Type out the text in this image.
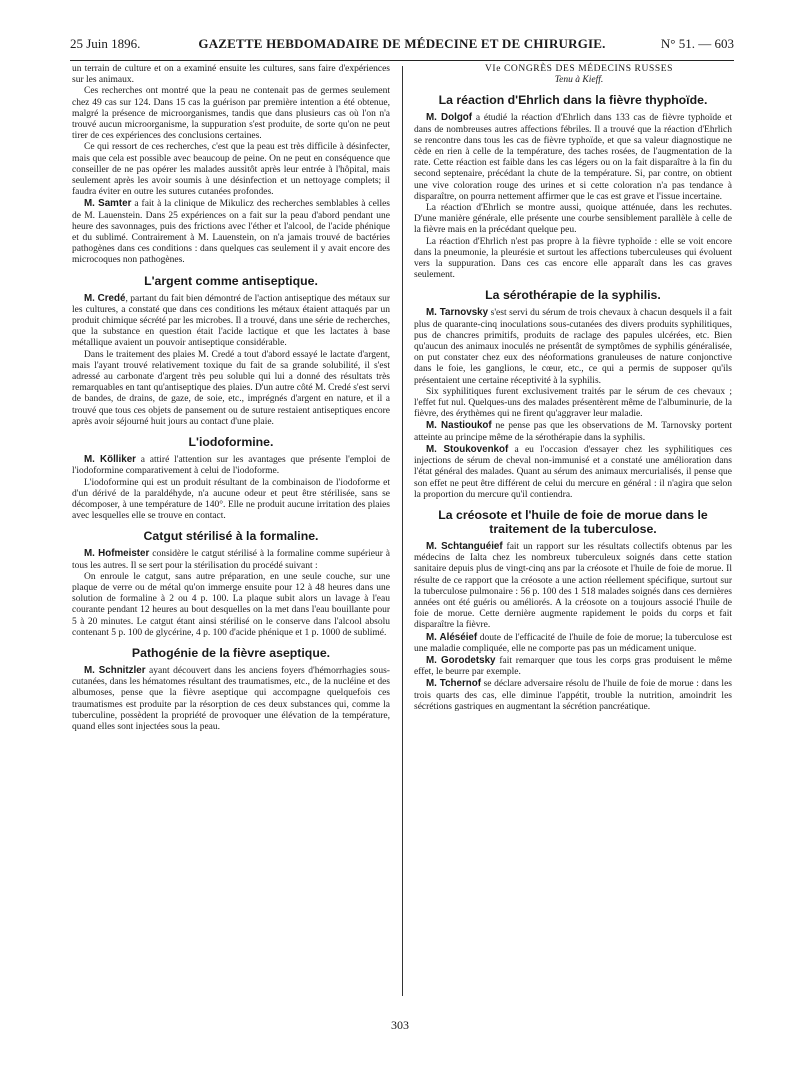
25 Juin 1896.	GAZETTE HEBDOMADAIRE DE MÉDECINE ET DE CHIRURGIE.	N° 51. — 603

un terrain de culture et on a examiné ensuite les cultures, sans faire d'expériences sur les animaux.

Ces recherches ont montré que la peau ne contenait pas de germes seulement chez 49 cas sur 124. Dans 15 cas la guérison par première intention a été obtenue, malgré la présence de microorganismes, tandis que dans plusieurs cas où l'on n'a trouvé aucun microorganisme, la suppuration s'est produite, de sorte qu'on ne peut tirer de ces expériences des conclusions certaines.

Ce qui ressort de ces recherches, c'est que la peau est très difficile à désinfecter, mais que cela est possible avec beaucoup de peine. On ne peut en conséquence que conseiller de ne pas opérer les malades aussitôt après leur entrée à l'hôpital, mais seulement après les avoir soumis à une désinfection et un nettoyage complets; il faudra éviter en outre les sutures cutanées profondes.

M. Samter a fait à la clinique de Mikulicz des recherches semblables à celles de M. Lauenstein. Dans 25 expériences on a fait sur la peau d'abord pendant une heure des savonnages, puis des frictions avec l'éther et l'alcool, de l'acide phénique et du sublimé. Contrairement à M. Lauenstein, on n'a jamais trouvé de bactéries pathogènes dans ces conditions : dans quelques cas seulement il y avait encore des microcoques non pathogènes.

L'argent comme antiseptique.

M. Credé, partant du fait bien démontré de l'action antiseptique des métaux sur les cultures, a constaté que dans ces conditions les métaux étaient attaqués par un produit chimique sécrété par les microbes. Il a trouvé, dans une série de recherches, que la substance en question était l'acide lactique et que les lactates à base métallique avaient un pouvoir antiseptique considérable.

Dans le traitement des plaies M. Credé a tout d'abord essayé le lactate d'argent, mais l'ayant trouvé relativement toxique du fait de sa grande solubilité, il s'est adressé au carbonate d'argent très peu soluble qui lui a donné des résultats très remarquables en tant qu'antiseptique des plaies. D'un autre côté M. Credé s'est servi de bandes, de drains, de gaze, de soie, etc., imprégnés d'argent en nature, et il a trouvé que tous ces objets de pansement ou de suture restaient antiseptiques encore après avoir séjourné huit jours au contact d'une plaie.

L'iodoformine.

M. Kölliker a attiré l'attention sur les avantages que présente l'emploi de l'iodoformine comparativement à celui de l'iodoforme.

L'iodoformine qui est un produit résultant de la combinaison de l'iodoforme et d'un dérivé de la paraldéhyde, n'a aucune odeur et peut être stérilisée, sans se décomposer, à une température de 140°. Elle ne produit aucune irritation des plaies avec lesquelles elle se trouve en contact.

Catgut stérilisé à la formaline.

M. Hofmeister considère le catgut stérilisé à la formaline comme supérieur à tous les autres. Il se sert pour la stérilisation du procédé suivant :

On enroule le catgut, sans autre préparation, en une seule couche, sur une plaque de verre ou de métal qu'on immerge ensuite pour 12 à 48 heures dans une solution de formaline à 2 ou 4 p. 100. La plaque subit alors un lavage à l'eau courante pendant 12 heures au bout desquelles on la met dans l'eau bouillante pour 5 à 20 minutes. Le catgut étant ainsi stérilisé on le conserve dans l'alcool absolu contenant 5 p. 100 de glycérine, 4 p. 100 d'acide phénique et 1 p. 1000 de sublimé.

Pathogénie de la fièvre aseptique.

M. Schnitzler ayant découvert dans les anciens foyers d'hémorrhagies sous-cutanées, dans les hématomes résultant des traumatismes, etc., de la nucléine et des albumoses, pense que la fièvre aseptique qui accompagne quelquefois ces traumatismes est produite par la résorption de ces deux substances qui, comme la tuberculine, possèdent la propriété de provoquer une élévation de la température, quand elles sont injectées sous la peau.

VIe CONGRÈS DES MÉDECINS RUSSES

Tenu à Kieff.

La réaction d'Ehrlich dans la fièvre thyphoïde.

M. Dolgof a étudié la réaction d'Ehrlich dans 133 cas de fièvre typhoïde et dans de nombreuses autres affections fébriles. Il a trouvé que la réaction d'Ehrlich se rencontre dans tous les cas de fièvre typhoïde, et que sa valeur diagnostique ne cède en rien à celle de la température, des taches rosées, de l'augmentation de la rate. Cette réaction est faible dans les cas légers ou on la fait disparaître à la fin du second septenaire, précédant la chute de la température. Si, par contre, on obtient une vive coloration rouge des urines et si cette coloration n'a pas tendance à disparaître, on pourra nettement affirmer que le cas est grave et l'issue incertaine.

La réaction d'Ehrlich se montre aussi, quoique atténuée, dans les rechutes. D'une manière générale, elle présente une courbe sensiblement parallèle à celle de la fièvre mais en la précédant quelque peu.

La réaction d'Ehrlich n'est pas propre à la fièvre typhoïde : elle se voit encore dans la pneumonie, la pleurésie et surtout les affections tuberculeuses qui évoluent vers la suppuration. Dans ces cas encore elle apparaît dans les cas graves seulement.

La sérothérapie de la syphilis.

M. Tarnovsky s'est servi du sérum de trois chevaux à chacun desquels il a fait plus de quarante-cinq inoculations sous-cutanées des divers produits syphilitiques, pus de chancres primitifs, produits de raclage des papules ulcérées, etc. Bien qu'aucun des animaux inoculés ne présentât de symptômes de syphilis généralisée, on put constater chez eux des néoformations granuleuses de nature conjonctive dans le foie, les ganglions, le cœur, etc., ce qui a permis de supposer qu'ils présentaient une certaine réceptivité à la syphilis.

Six syphilitiques furent exclusivement traités par le sérum de ces chevaux ; l'effet fut nul. Quelques-uns des malades présentèrent même de l'albuminurie, de la fièvre, des érythèmes qui ne firent qu'aggraver leur maladie.

M. Nastioukof ne pense pas que les observations de M. Tarnovsky portent atteinte au principe même de la sérothérapie dans la syphilis.

M. Stoukovenkof a eu l'occasion d'essayer chez les syphilitiques ces injections de sérum de cheval non-immunisé et a constaté une amélioration dans l'état général des malades. Quant au sérum des animaux mercurialisés, il pense que son effet ne peut être différent de celui du mercure en général : il n'agira que selon la proportion du mercure qu'il contiendra.

La créosote et l'huile de foie de morue dans le traitement de la tuberculose.

M. Schtanguéief fait un rapport sur les résultats collectifs obtenus par les médecins de Ialta chez les nombreux tuberculeux soignés dans cette station sanitaire depuis plus de vingt-cinq ans par la créosote et l'huile de foie de morue. Il résulte de ce rapport que la créosote a une action réellement spécifique, surtout sur la tuberculose pulmonaire : 56 p. 100 des 1 518 malades soignés dans ces dernières années ont été guéris ou améliorés. A la créosote on a toujours associé l'huile de foie de morue. Cette dernière augmente rapidement le poids du corps et fait disparaître la fièvre.

M. Aléséief doute de l'efficacité de l'huile de foie de morue; la tuberculose est une maladie compliquée, elle ne comporte pas pas un médicament unique.

M. Gorodetsky fait remarquer que tous les corps gras produisent le même effet, le beurre par exemple.

M. Tchernof se déclare adversaire résolu de l'huile de foie de morue : dans les trois quarts des cas, elle diminue l'appétit, trouble la nutrition, amoindrit les sécrétions gastriques en augmentant la sécrétion pancréatique.

303
